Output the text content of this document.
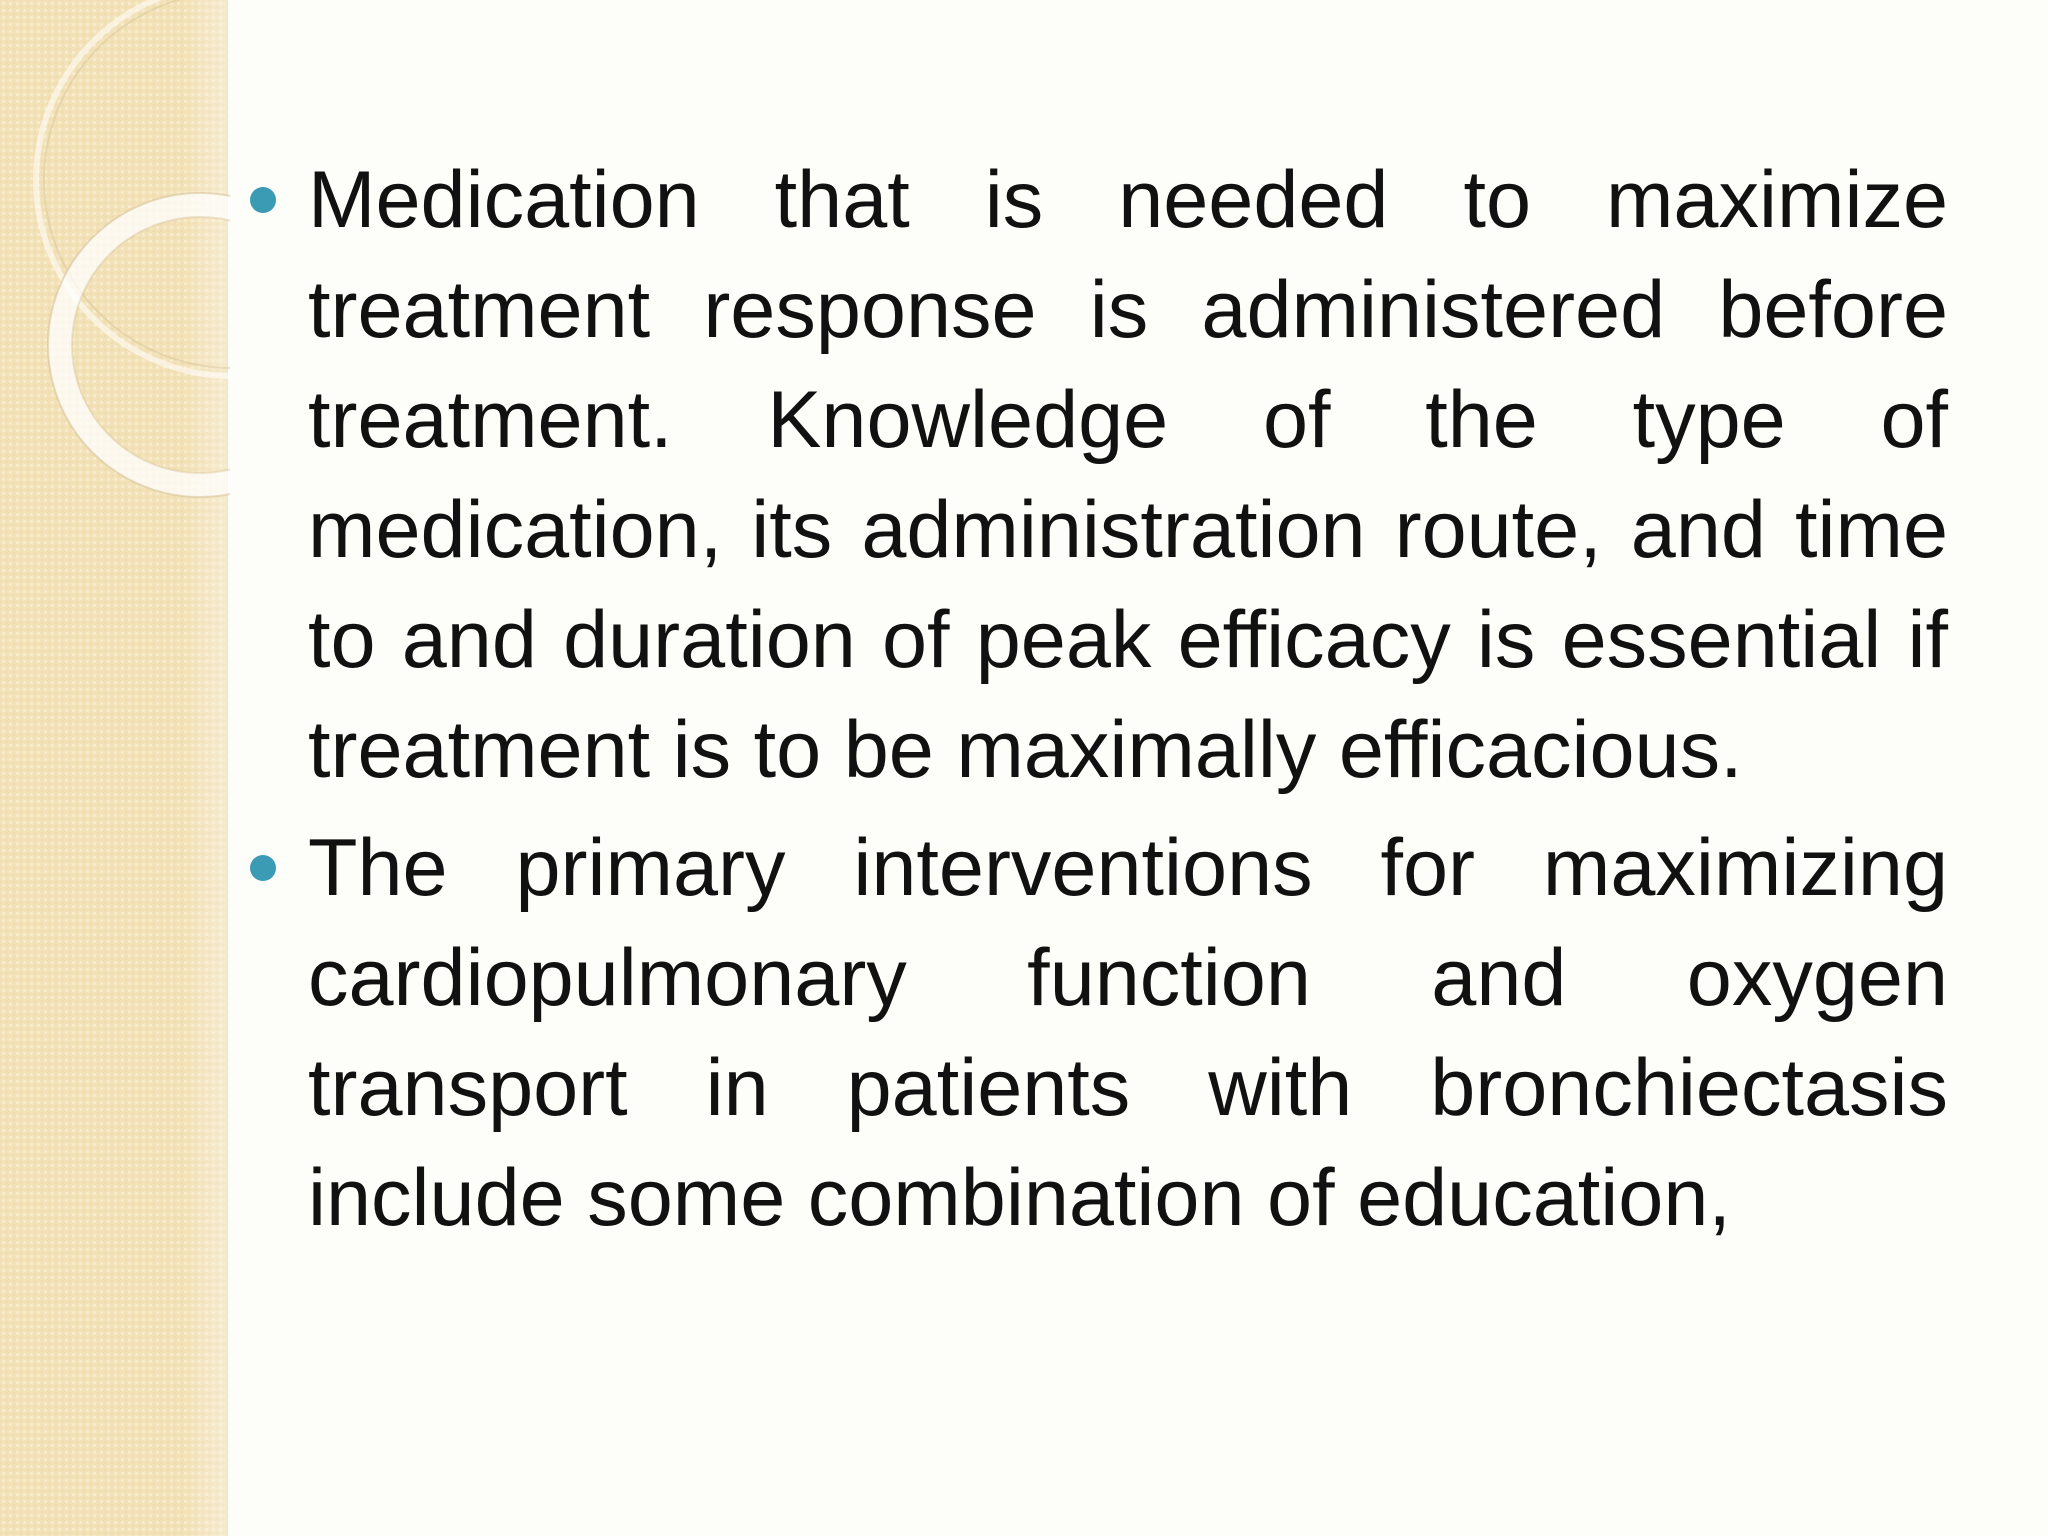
Medication that is needed to maximize treatment response is administered before treatment. Knowledge of the type of medication, its administration route, and time to and duration of peak efficacy is essential if treatment is to be maximally efficacious.
The primary interventions for maximizing cardiopulmonary function and oxygen transport in patients with bronchiectasis include some combination of education,
